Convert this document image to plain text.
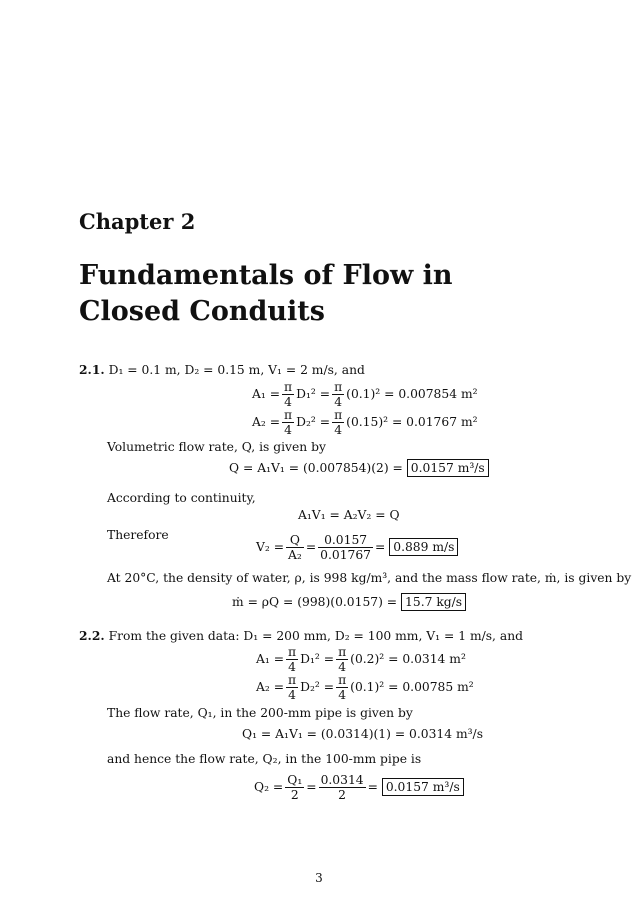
Chapter 2
Fundamentals of Flow in Closed Conduits
2.1. D₁ = 0.1 m, D₂ = 0.15 m, V₁ = 2 m/s, and
$A_1 = \frac{\pi}{4} D_1^2 = \frac{\pi}{4} (0.1)^2 = 0.007854$ m²
$A_2 = \frac{\pi}{4} D_2^2 = \frac{\pi}{4} (0.15)^2 = 0.01767$ m²
Volumetric flow rate, Q, is given by
Q = A₁V₁ = (0.007854)(2) = 0.0157 m³/s
According to continuity,
A₁V₁ = A₂V₂ = Q
Therefore
$V_2 = \frac{Q}{\text{A₂}} = \frac{0.0157}{0.01767} = 0.889$ m/s
At 20°C, the density of water, ρ, is 998 kg/m³, and the mass flow rate, ṁ, is given by
ṁ = ρQ = (998)(0.0157) = 15.7 kg/s
2.2. From the given data: D₁ = 200 mm, D₂ = 100 mm, V₁ = 1 m/s, and
$A_1 = \frac{\pi}{4} D_1^2 = \frac{\pi}{4} (0.2)^2 = 0.0314$ m²
$A_2 = \frac{\pi}{4} D_2^2 = \frac{\pi}{4} (0.1)^2 = 0.00785$ m²
The flow rate, Q₁, in the 200-mm pipe is given by
Q₁ = A₁V₁ = (0.0314)(1) = 0.0314 m³/s
and hence the flow rate, Q₂, in the 100-mm pipe is
$Q_2 = \frac{\text{Q₁}}{2} = \frac{0.0314}{2} = 0.0157$ m³/s
3
